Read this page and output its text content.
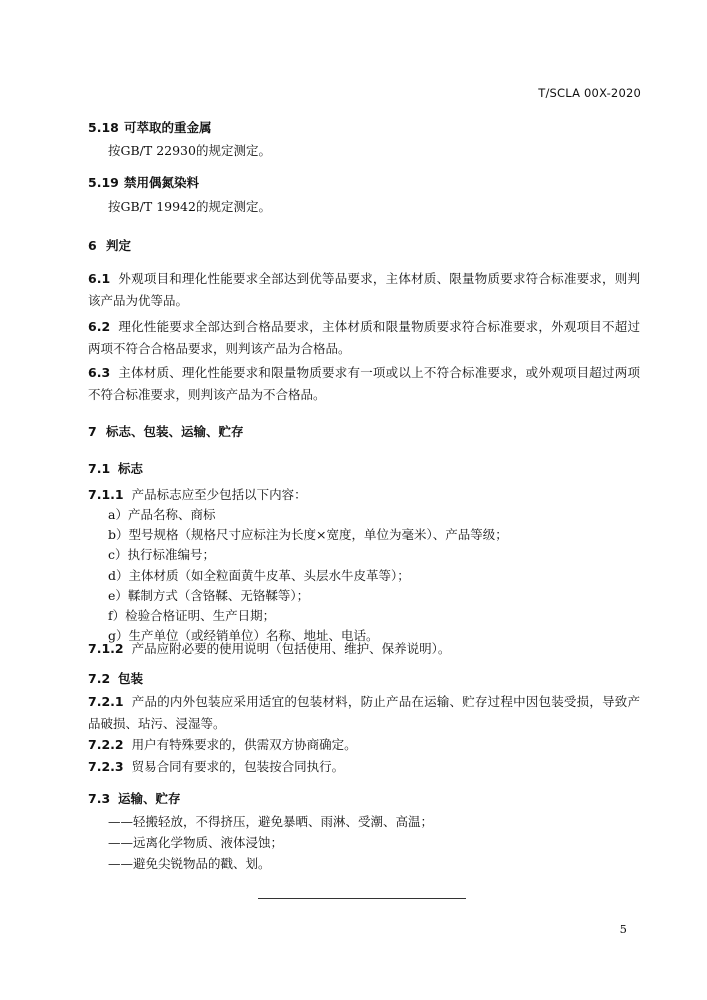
T/SCLA 00X-2020
5.18 可萃取的重金属
按GB/T 22930的规定测定。
5.19 禁用偶氮染料
按GB/T 19942的规定测定。
6 判定
6.1 外观项目和理化性能要求全部达到优等品要求，主体材质、限量物质要求符合标准要求，则判该产品为优等品。
6.2 理化性能要求全部达到合格品要求，主体材质和限量物质要求符合标准要求，外观项目不超过两项不符合合格品要求，则判该产品为合格品。
6.3 主体材质、理化性能要求和限量物质要求有一项或以上不符合标准要求，或外观项目超过两项不符合标准要求，则判该产品为不合格品。
7 标志、包装、运输、贮存
7.1 标志
7.1.1 产品标志应至少包括以下内容：
a）产品名称、商标
b）型号规格（规格尺寸应标注为长度×宽度，单位为毫米）、产品等级；
c）执行标准编号；
d）主体材质（如全粒面黄牛皮革、头层水牛皮革等）；
e）鞣制方式（含铬鞣、无铬鞣等）；
f）检验合格证明、生产日期；
g）生产单位（或经销单位）名称、地址、电话。
7.1.2 产品应附必要的使用说明（包括使用、维护、保养说明）。
7.2 包装
7.2.1 产品的内外包装应采用适宜的包装材料，防止产品在运输、贮存过程中因包装受损，导致产品破损、玷污、浸湿等。
7.2.2 用户有特殊要求的，供需双方协商确定。
7.2.3 贸易合同有要求的，包装按合同执行。
7.3 运输、贮存
——轻搬轻放，不得挤压，避免暴晒、雨淋、受潮、高温；
——远离化学物质、液体浸蚀；
——避免尖锐物品的戳、划。
5
